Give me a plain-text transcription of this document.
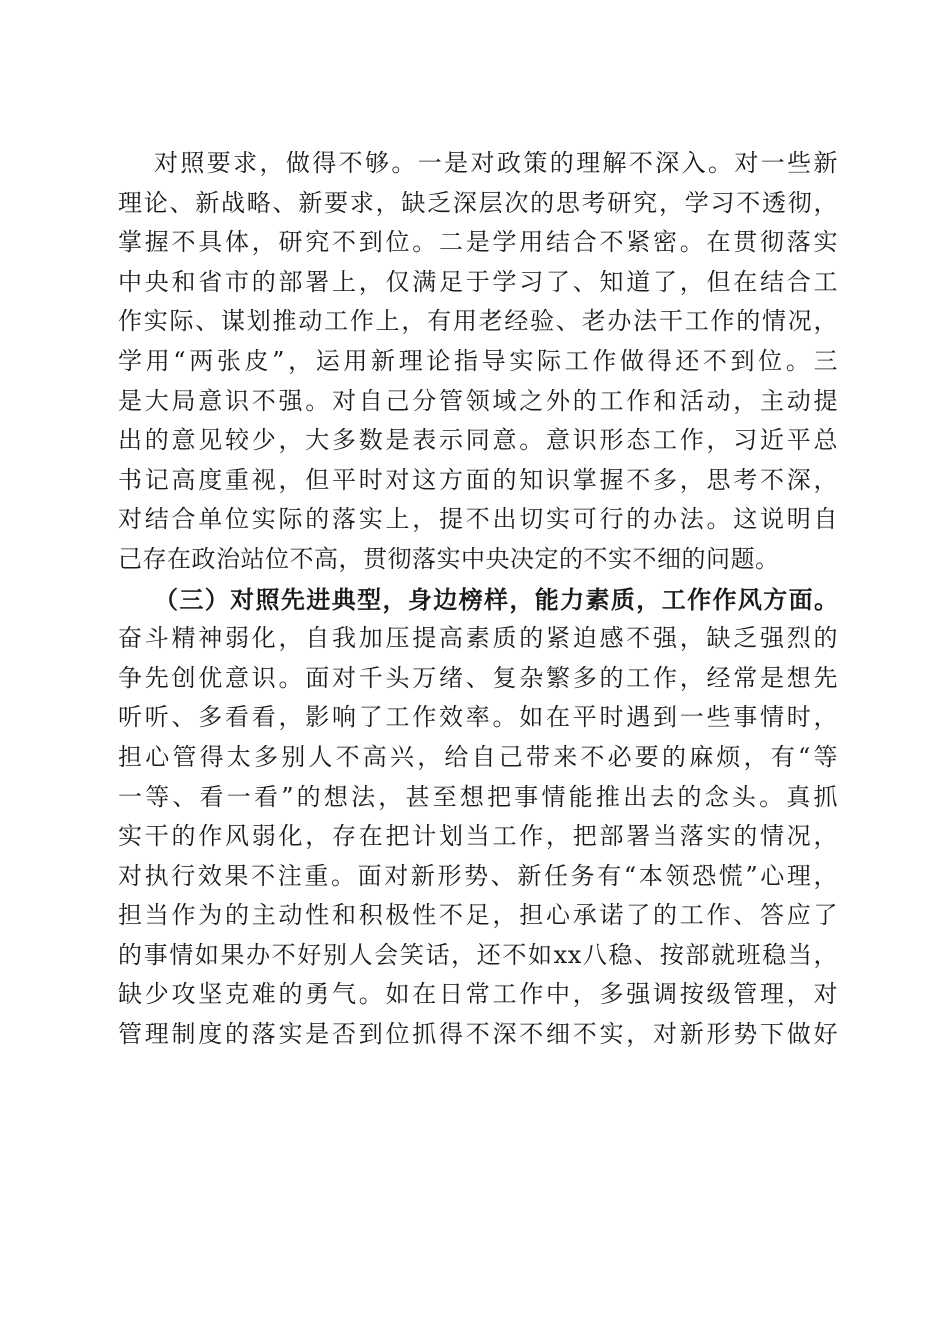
对照要求，做得不够。一是对政策的理解不深入。对一些新
理论、新战略、新要求，缺乏深层次的思考研究，学习不透彻，
掌握不具体，研究不到位。二是学用结合不紧密。在贯彻落实
中央和省市的部署上，仅满足于学习了、知道了，但在结合工
作实际、谋划推动工作上，有用老经验、老办法干工作的情况，
学用“两张皮”，运用新理论指导实际工作做得还不到位。三
是大局意识不强。对自己分管领域之外的工作和活动，主动提
出的意见较少，大多数是表示同意。意识形态工作，习近平总
书记高度重视，但平时对这方面的知识掌握不多，思考不深，
对结合单位实际的落实上，提不出切实可行的办法。这说明自
己存在政治站位不高，贯彻落实中央决定的不实不细的问题。
（三）对照先进典型，身边榜样，能力素质，工作作风方面。
奋斗精神弱化，自我加压提高素质的紧迫感不强，缺乏强烈的
争先创优意识。面对千头万绪、复杂繁多的工作，经常是想先
听听、多看看，影响了工作效率。如在平时遇到一些事情时，
担心管得太多别人不高兴，给自己带来不必要的麻烦，有“等
一等、看一看”的想法，甚至想把事情能推出去的念头。真抓
实干的作风弱化，存在把计划当工作，把部署当落实的情况，
对执行效果不注重。面对新形势、新任务有“本领恐慌”心理，
担当作为的主动性和积极性不足，担心承诺了的工作、答应了
的事情如果办不好别人会笑话，还不如xx八稳、按部就班稳当，
缺少攻坚克难的勇气。如在日常工作中，多强调按级管理，对
管理制度的落实是否到位抓得不深不细不实，对新形势下做好
